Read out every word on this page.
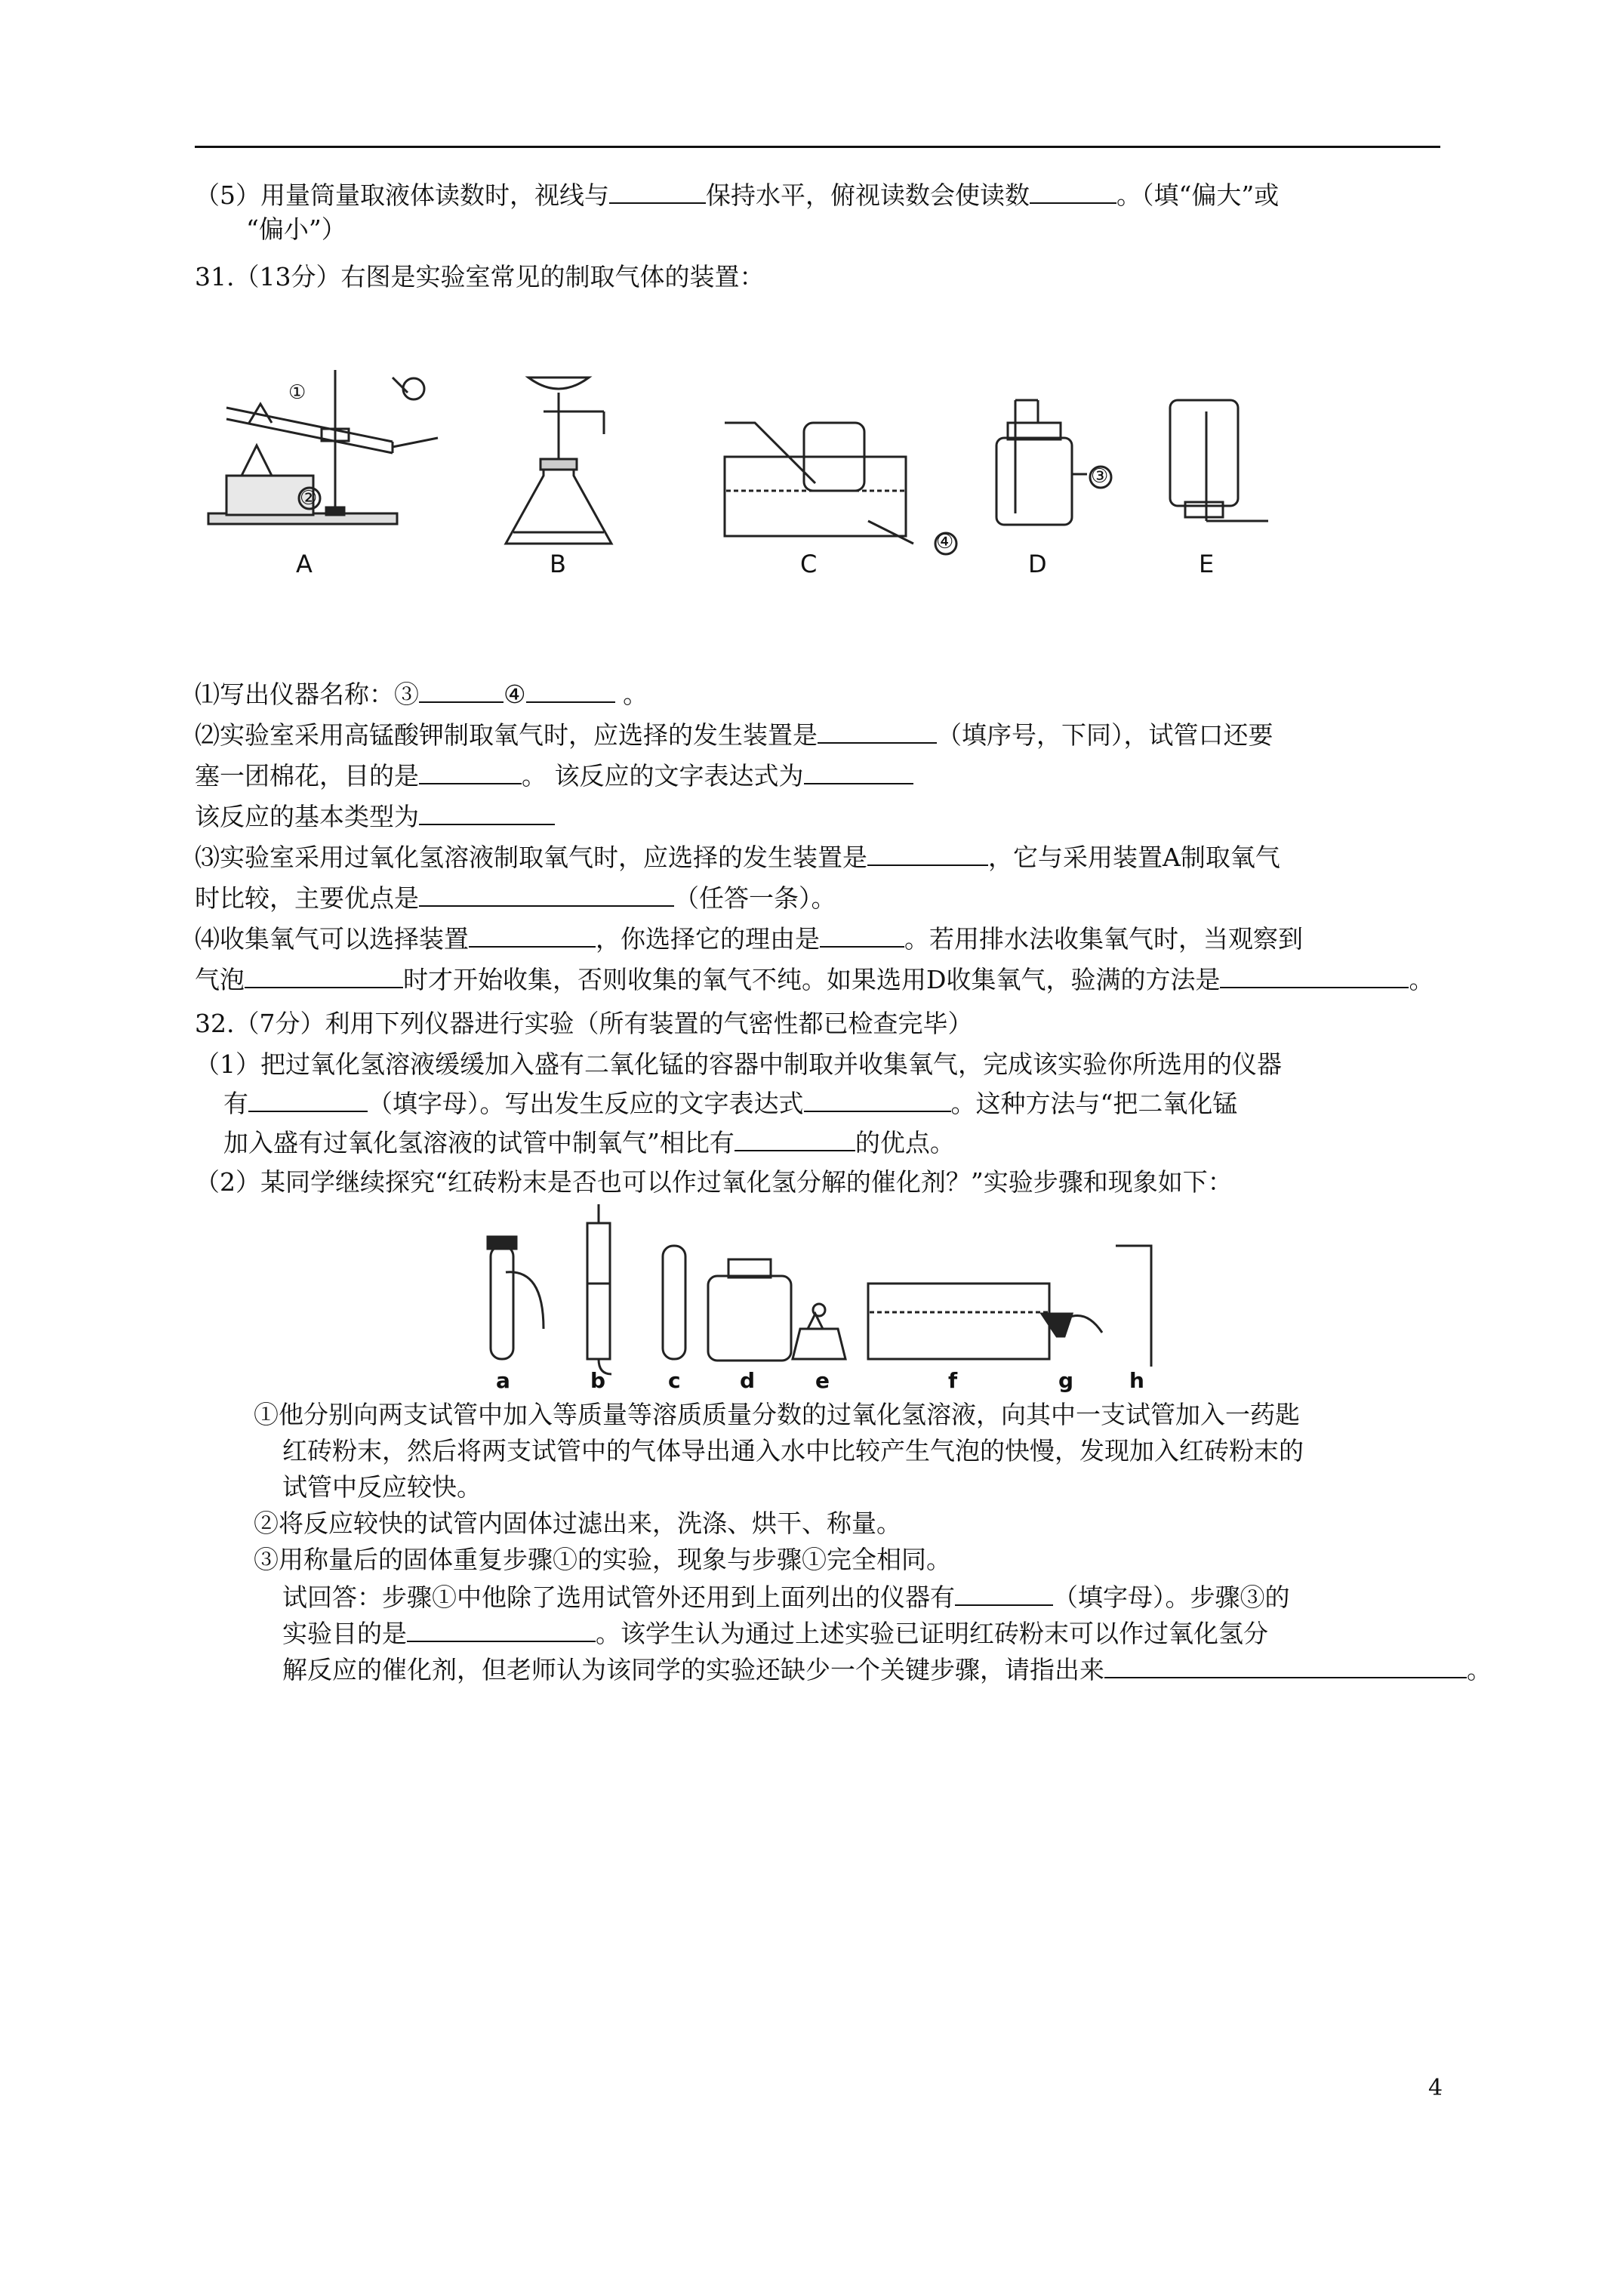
（5）用量筒量取液体读数时，视线与	保持水平，俯视读数会使读数	。（填“偏大”或
“偏小”）
31.（13分）右图是实验室常见的制取气体的装置：
①
②
③
④
A	B	C	D	E
⑴写出仪器名称：③	④	。
⑵实验室采用高锰酸钾制取氧气时，应选择的发生装置是	（填序号，下同），试管口还要
塞一团棉花，目的是	。 该反应的文字表达式为
该反应的基本类型为
⑶实验室采用过氧化氢溶液制取氧气时，应选择的发生装置是	，它与采用装置A制取氧气
时比较，主要优点是	（任答一条）。
⑷收集氧气可以选择装置	，你选择它的理由是	。若用排水法收集氧气时，当观察到
气泡	时才开始收集，否则收集的氧气不纯。如果选用D收集氧气，验满的方法是	。
32.（7分）利用下列仪器进行实验（所有装置的气密性都已检查完毕）
（1）把过氧化氢溶液缓缓加入盛有二氧化锰的容器中制取并收集氧气，完成该实验你所选用的仪器
有	（填字母）。写出发生反应的文字表达式	。这种方法与“把二氧化锰
加入盛有过氧化氢溶液的试管中制氧气”相比有	的优点。
（2）某同学继续探究“红砖粉末是否也可以作过氧化氢分解的催化剂？”实验步骤和现象如下：
a	b	c	d	e	f	g	h
①他分别向两支试管中加入等质量等溶质质量分数的过氧化氢溶液，向其中一支试管加入一药匙
红砖粉末，然后将两支试管中的气体导出通入水中比较产生气泡的快慢，发现加入红砖粉末的
试管中反应较快。
②将反应较快的试管内固体过滤出来，洗涤、烘干、称量。
③用称量后的固体重复步骤①的实验，现象与步骤①完全相同。
试回答：步骤①中他除了选用试管外还用到上面列出的仪器有	（填字母）。步骤③的
实验目的是	。该学生认为通过上述实验已证明红砖粉末可以作过氧化氢分
解反应的催化剂，但老师认为该同学的实验还缺少一个关键步骤，请指出来	。
4
